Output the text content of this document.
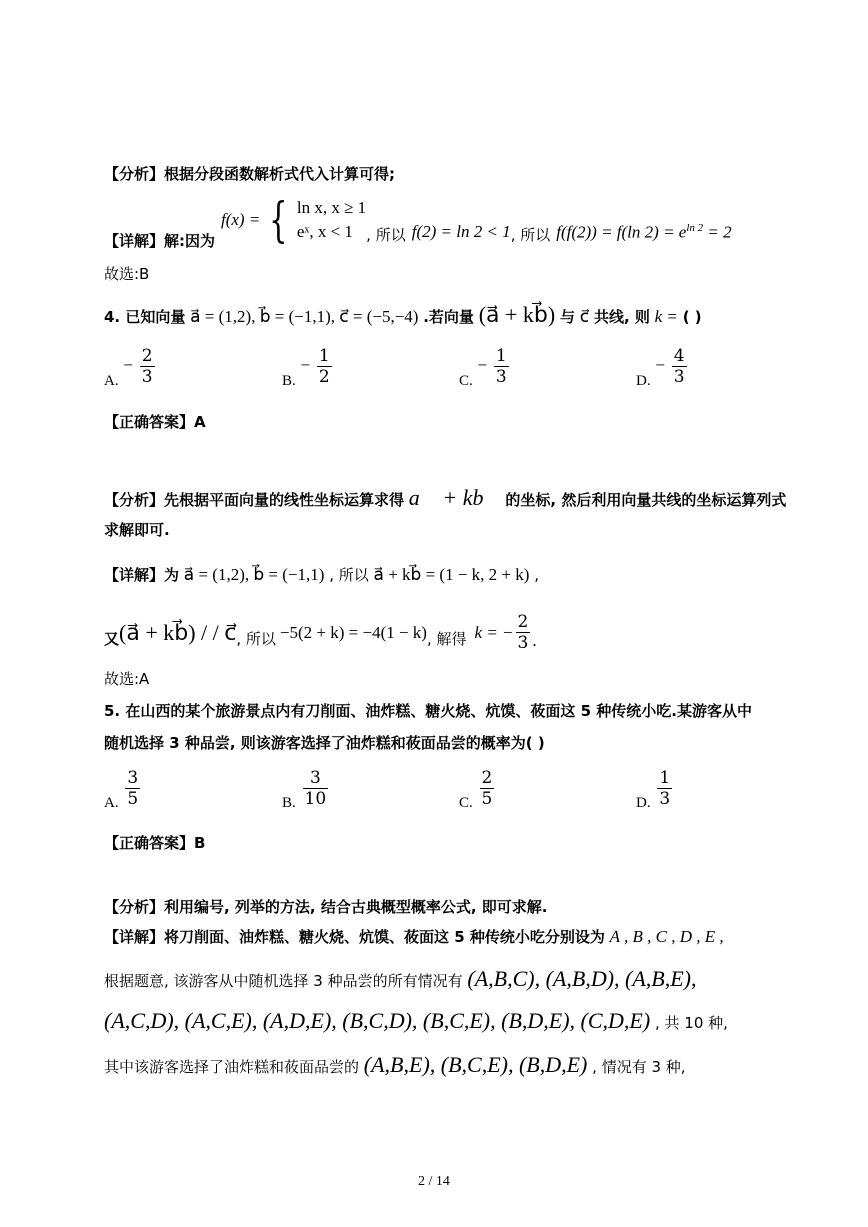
【分析】根据分段函数解析式代入计算可得;
【详解】解:因为
f(x) = { ln x, x ≥ 1
eˣ, x < 1 , 所以 f(2) = ln 2 < 1 , 所以 f(f(2)) = f(ln $2) = e^{ln 2} = 2$
故选:B
4. 已知向量 a⃗ = (1,2), b⃗ = (−1,1), c⃗ = (−5,−4) .若向量 (a⃗ + kb⃗) 与 c⃗ 共线, 则 k = ( )
A. − $\frac{2}{3}$	B. − $\frac{1}{2}$	C. − $\frac{1}{3}$	D. − $\frac{4}{3}$
【正确答案】A
【分析】先根据平面向量的线性坐标运算求得 a⃗ + kb⃗ 的坐标, 然后利用向量共线的坐标运算列式
求解即可.
【详解】为 a⃗ = (1,2), b⃗ = (−1,1) , 所以 a⃗ + kb⃗ = (1 − k, 2 + k) ,
又 (a⃗ + kb⃗) / / c⃗ , 所以 −5(2 + k) = −4(1 − k) , 解得 k = − $\frac{2}{3}$ .
故选:A
5. 在山西的某个旅游景点内有刀削面、油炸糕、糖火烧、炕馍、莜面这 5 种传统小吃.某游客从中
随机选择 3 种品尝, 则该游客选择了油炸糕和莜面品尝的概率为( )
A. $\frac{3}{5}$	B. $\frac{3}{10}$	C. $\frac{2}{5}$	D. $\frac{1}{3}$
【正确答案】B
【分析】利用编号, 列举的方法, 结合古典概型概率公式, 即可求解.
【详解】将刀削面、油炸糕、糖火烧、炕馍、莜面这 5 种传统小吃分别设为 A , B , C , D , E ,
根据题意, 该游客从中随机选择 3 种品尝的所有情况有 (A,B,C), (A,B,D), (A,B,E),
(A,C,D), (A,C,E), (A,D,E), (B,C,D), (B,C,E), (B,D,E), (C,D,E) , 共 10 种,
其中该游客选择了油炸糕和莜面品尝的 (A,B,E), (B,C,E), (B,D,E) , 情况有 3 种,
2 / 14
